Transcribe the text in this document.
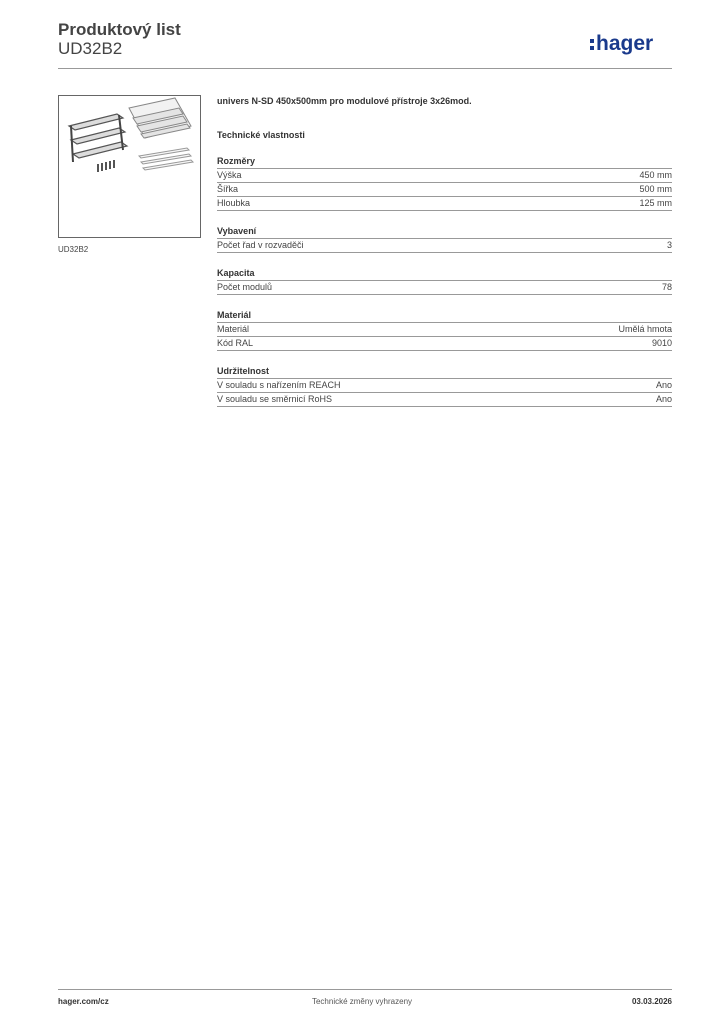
Produktový list
UD32B2	hager
UD32B2
univers N-SD 450x500mm pro modulové přístroje 3x26mod.
Technické vlastnosti
Rozměry
Výška	450 mm
Šířka	500 mm
Hloubka	125 mm
Vybavení
Počet řad v rozvaděči	3
Kapacita
Počet modulů	78
Materiál
Materiál	Umělá hmota
Kód RAL	9010
Udržitelnost
V souladu s nařízením REACH	Ano
V souladu se směrnicí RoHS	Ano
hager.com/cz	Technické změny vyhrazeny	03.03.2026
